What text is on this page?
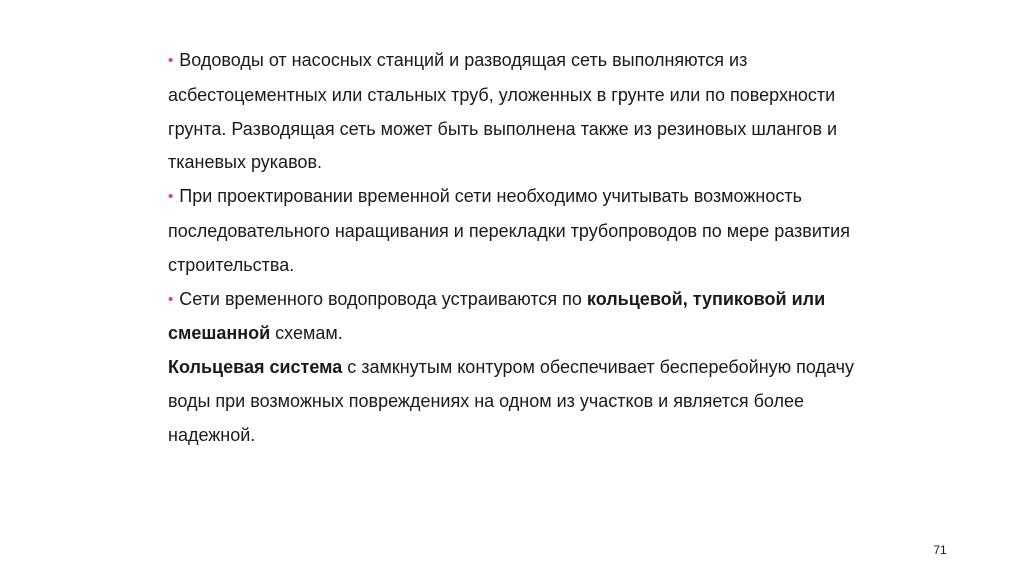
• Водоводы от насосных станций и разводящая сеть выполняются из асбестоцементных или стальных труб, уложенных в грунте или по поверхности грунта. Разводящая сеть может быть выполнена также из резиновых шлангов и тканевых рукавов.

• При проектировании временной сети необходимо учитывать возможность последовательного наращивания и перекладки трубопроводов по мере развития строительства.

• Сети временного водопровода устраиваются по кольцевой, тупиковой или смешанной схемам.

Кольцевая система с замкнутым контуром обеспечивает бесперебойную подачу воды при возможных повреждениях на одном из участков и является более надежной.

71
